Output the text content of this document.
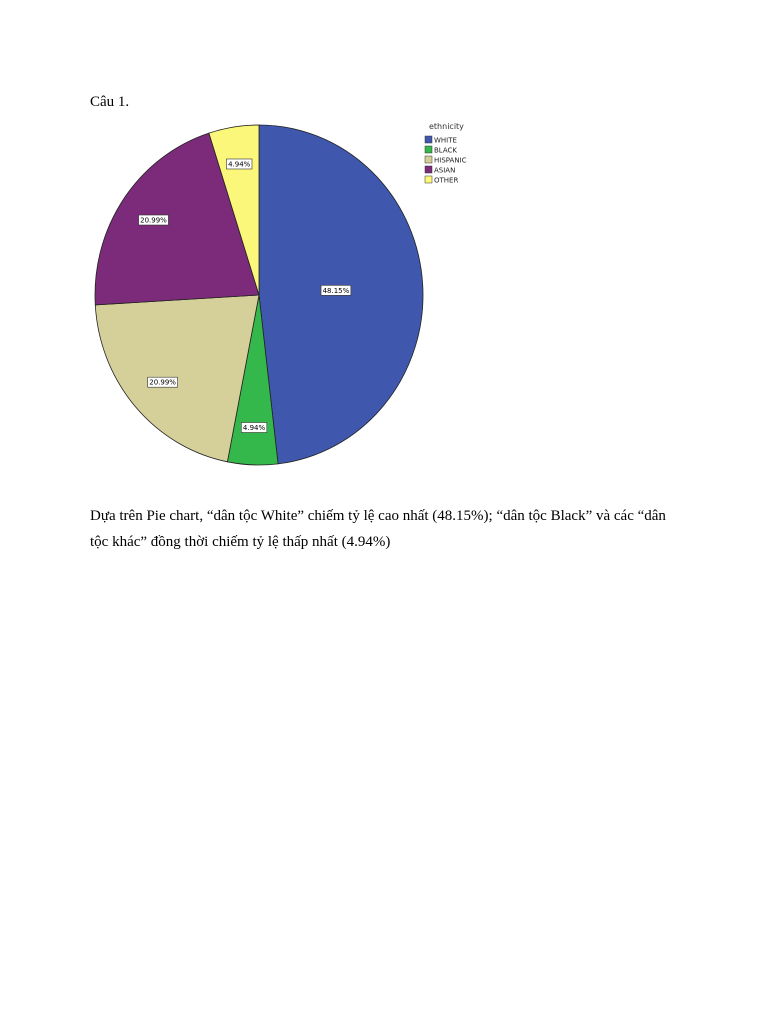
Câu 1.
48.15%
4.94%
20.99%
20.99%
4.94%
ethnicity
WHITE
BLACK
HISPANIC
ASIAN
OTHER
Dựa trên Pie chart, “dân tộc White” chiếm tỷ lệ cao nhất (48.15%); “dân tộc Black” và các “dân tộc khác” đồng thời chiếm tỷ lệ thấp nhất (4.94%)
